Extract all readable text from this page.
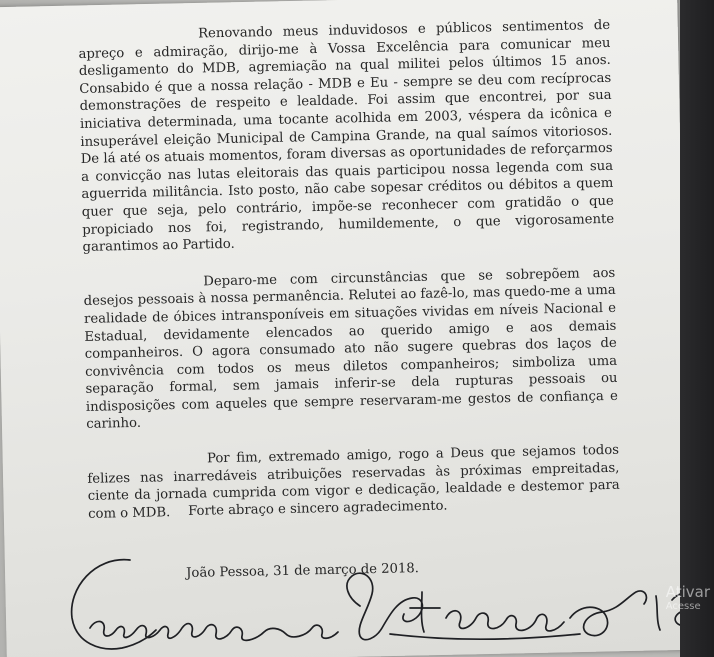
Renovando meus induvidosos e públicos sentimentos de apreço e admiração, dirijo-me à Vossa Excelência para comunicar meu desligamento do MDB, agremiação na qual militei pelos últimos 15 anos. Consabido é que a nossa relação - MDB e Eu - sempre se deu com recíprocas demonstrações de respeito e lealdade. Foi assim que encontrei, por sua iniciativa determinada, uma tocante acolhida em 2003, véspera da icônica e insuperável eleição Municipal de Campina Grande, na qual saímos vitoriosos. De lá até os atuais momentos, foram diversas as oportunidades de reforçarmos a convicção nas lutas eleitorais das quais participou nossa legenda com sua aguerrida militância. Isto posto, não cabe sopesar créditos ou débitos a quem quer que seja, pelo contrário, impõe-se reconhecer com gratidão o que propiciado nos foi, registrando, humildemente, o que vigorosamente garantimos ao Partido.

Deparo-me com circunstâncias que se sobrepõem aos desejos pessoais à nossa permanência. Relutei ao fazê-lo, mas quedo-me a uma realidade de óbices intransponíveis em situações vividas em níveis Nacional e Estadual, devidamente elencados ao querido amigo e aos demais companheiros. O agora consumado ato não sugere quebras dos laços de convivência com todos os meus diletos companheiros; simboliza uma separação formal, sem jamais inferir-se dela rupturas pessoais ou indisposições com aqueles que sempre reservaram-me gestos de confiança e carinho.

Por fim, extremado amigo, rogo a Deus que sejamos todos felizes nas inarredáveis atribuições reservadas às próximas empreitadas, ciente da jornada cumprida com vigor e dedicação, lealdade e destemor para com o MDB.	Forte abraço e sincero agradecimento.
João Pessoa, 31 de março de 2018.
Ativar
Acesse
